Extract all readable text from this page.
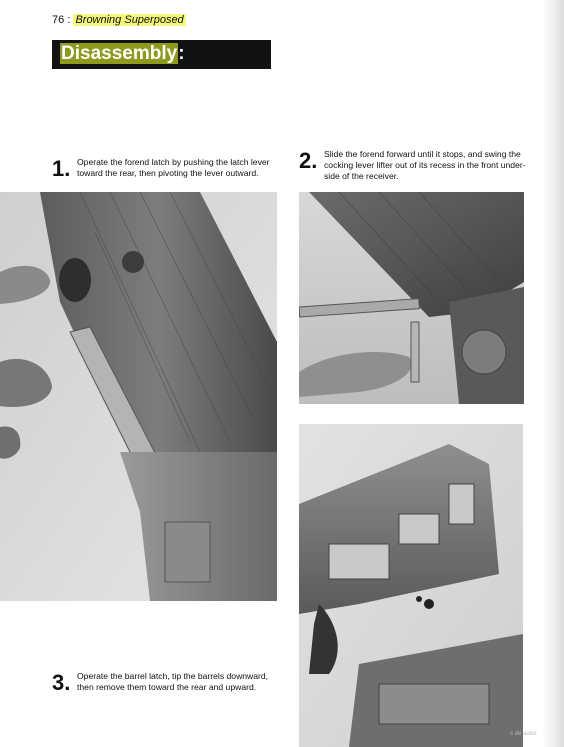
76 : Browning Superposed
Disassembly:
1. Operate the forend latch by pushing the latch lever
toward the rear, then pivoting the lever outward.	2. Slide the forend forward until it stops, and swing the
cocking lever lifter out of its recess in the front under-
side of the receiver.
3. Operate the barrel latch, tip the barrels downward,
then remove them toward the rear and upward.
s de autor
